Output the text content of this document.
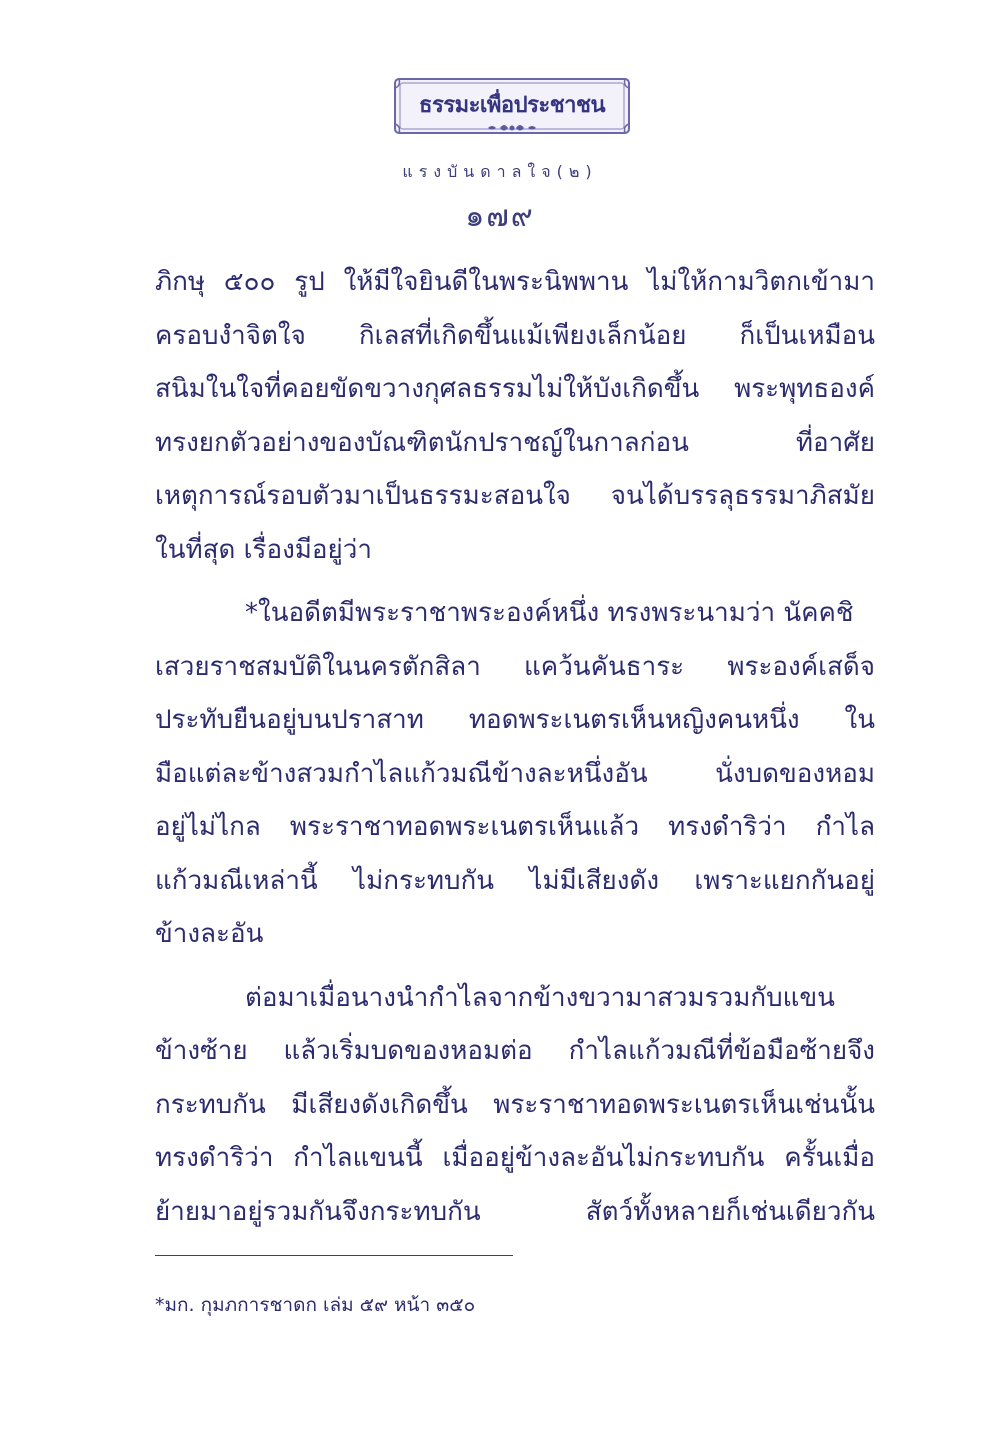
ธรรมะเพื่อประชาชน
แรงบันดาลใจ(๒)
๑๗๙

ภิกษุ ๕๐๐ รูป ให้มีใจยินดีในพระนิพพาน ไม่ให้กามวิตกเข้ามา
ครอบงำจิตใจ กิเลสที่เกิดขึ้นแม้เพียงเล็กน้อย ก็เป็นเหมือน
สนิมในใจที่คอยขัดขวางกุศลธรรมไม่ให้บังเกิดขึ้น พระพุทธองค์
ทรงยกตัวอย่างของบัณฑิตนักปราชญ์ในกาลก่อน ที่อาศัย
เหตุการณ์รอบตัวมาเป็นธรรมะสอนใจ จนได้บรรลุธรรมาภิสมัย
ในที่สุด เรื่องมีอยู่ว่า

*ในอดีตมีพระราชาพระองค์หนึ่ง ทรงพระนามว่า นัคคชิ
เสวยราชสมบัติในนครตักสิลา แคว้นคันธาระ พระองค์เสด็จ
ประทับยืนอยู่บนปราสาท ทอดพระเนตรเห็นหญิงคนหนึ่ง ใน
มือแต่ละข้างสวมกำไลแก้วมณีข้างละหนึ่งอัน นั่งบดของหอม
อยู่ไม่ไกล พระราชาทอดพระเนตรเห็นแล้ว ทรงดำริว่า กำไล
แก้วมณีเหล่านี้ ไม่กระทบกัน ไม่มีเสียงดัง เพราะแยกกันอยู่
ข้างละอัน

ต่อมาเมื่อนางนำกำไลจากข้างขวามาสวมรวมกับแขน
ข้างซ้าย แล้วเริ่มบดของหอมต่อ กำไลแก้วมณีที่ข้อมือซ้ายจึง
กระทบกัน มีเสียงดังเกิดขึ้น พระราชาทอดพระเนตรเห็นเช่นนั้น
ทรงดำริว่า กำไลแขนนี้ เมื่ออยู่ข้างละอันไม่กระทบกัน ครั้นเมื่อ
ย้ายมาอยู่รวมกันจึงกระทบกัน สัตว์ทั้งหลายก็เช่นเดียวกัน

*มก. กุมภการชาดก เล่ม ๕๙ หน้า ๓๕๐
